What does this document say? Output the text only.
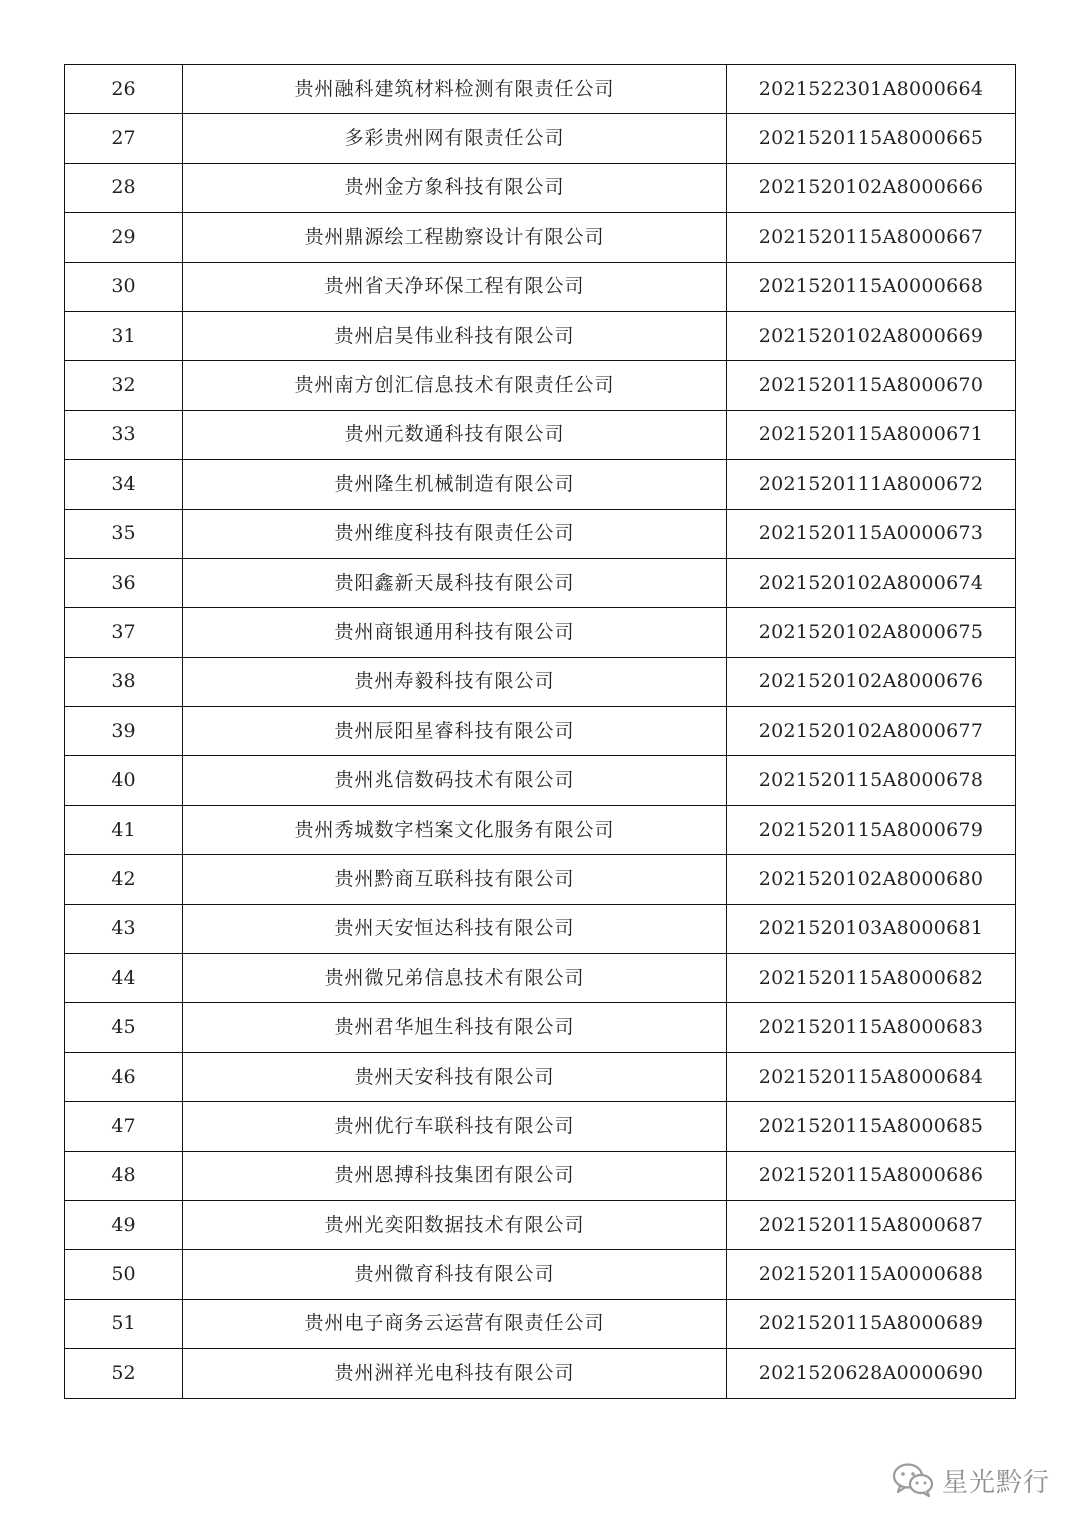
26	贵州融科建筑材料检测有限责任公司	2021522301A8000664
27	多彩贵州网有限责任公司	2021520115A8000665
28	贵州金方象科技有限公司	2021520102A8000666
29	贵州鼎源绘工程勘察设计有限公司	2021520115A8000667
30	贵州省天净环保工程有限公司	2021520115A0000668
31	贵州启昊伟业科技有限公司	2021520102A8000669
32	贵州南方创汇信息技术有限责任公司	2021520115A8000670
33	贵州元数通科技有限公司	2021520115A8000671
34	贵州隆生机械制造有限公司	2021520111A8000672
35	贵州维度科技有限责任公司	2021520115A0000673
36	贵阳鑫新天晟科技有限公司	2021520102A8000674
37	贵州商银通用科技有限公司	2021520102A8000675
38	贵州寿毅科技有限公司	2021520102A8000676
39	贵州辰阳星睿科技有限公司	2021520102A8000677
40	贵州兆信数码技术有限公司	2021520115A8000678
41	贵州秀城数字档案文化服务有限公司	2021520115A8000679
42	贵州黔商互联科技有限公司	2021520102A8000680
43	贵州天安恒达科技有限公司	2021520103A8000681
44	贵州微兄弟信息技术有限公司	2021520115A8000682
45	贵州君华旭生科技有限公司	2021520115A8000683
46	贵州天安科技有限公司	2021520115A8000684
47	贵州优行车联科技有限公司	2021520115A8000685
48	贵州恩搏科技集团有限公司	2021520115A8000686
49	贵州光奕阳数据技术有限公司	2021520115A8000687
50	贵州微育科技有限公司	2021520115A0000688
51	贵州电子商务云运营有限责任公司	2021520115A8000689
52	贵州洲祥光电科技有限公司	2021520628A0000690
星光黔行
